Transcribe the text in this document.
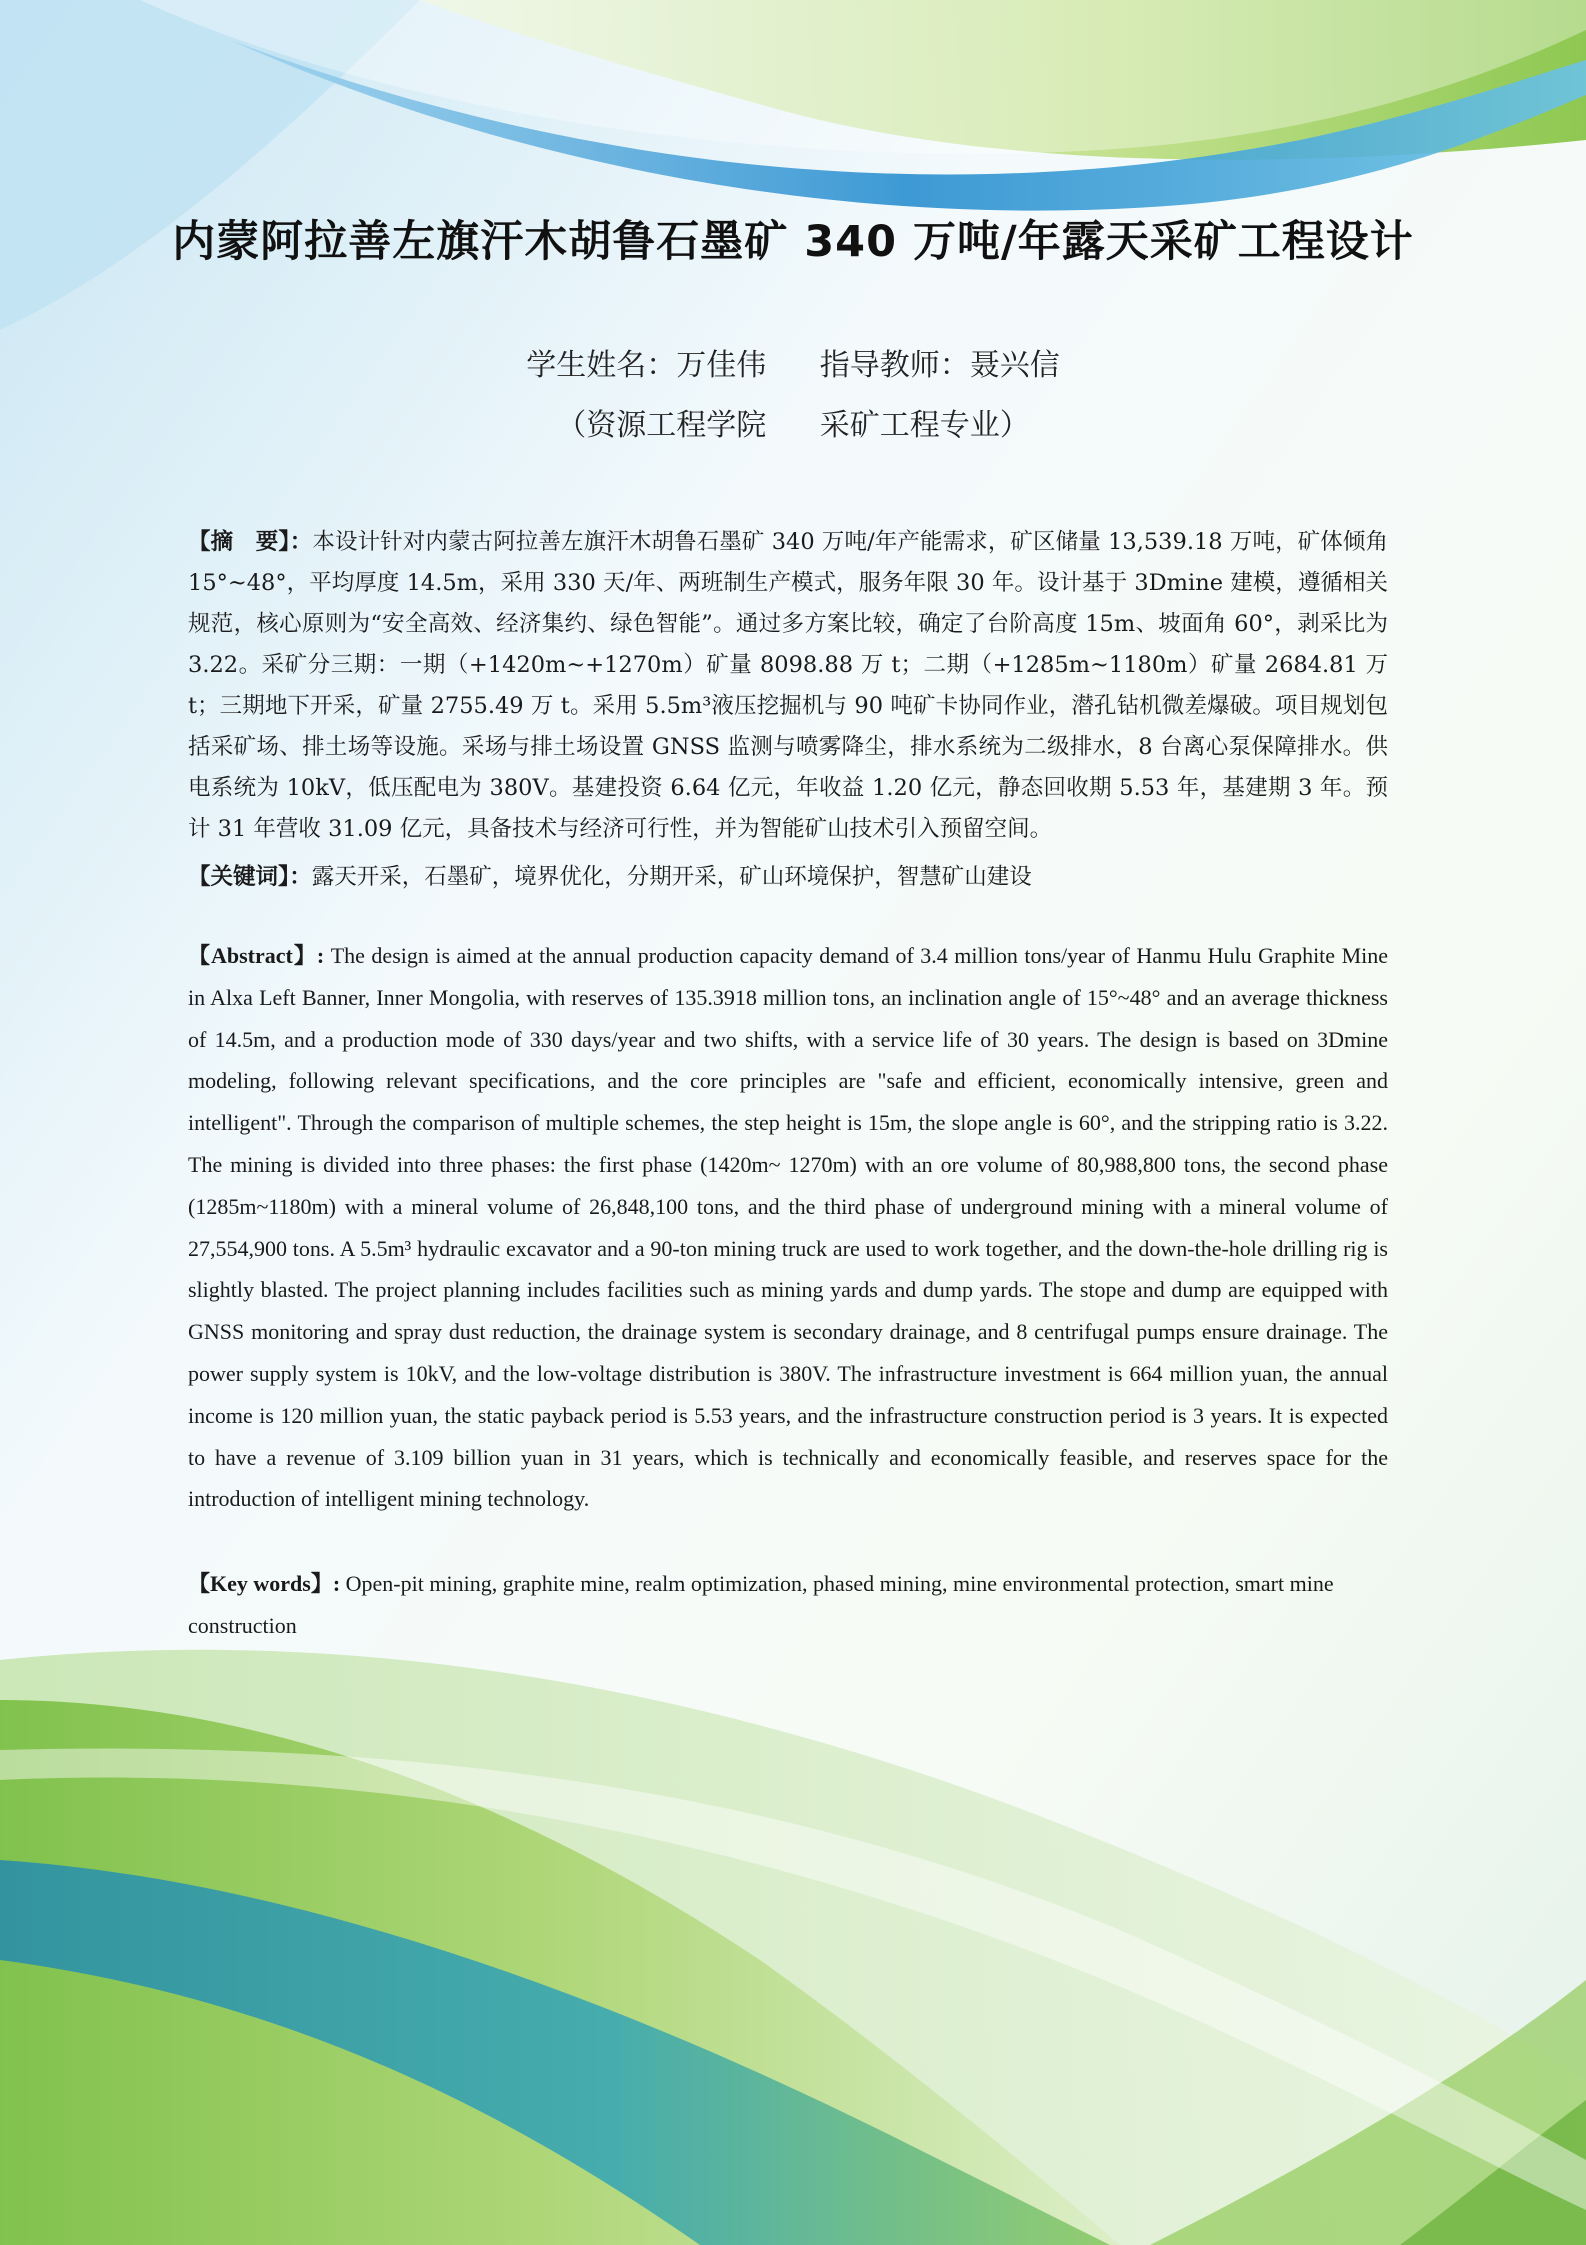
内蒙阿拉善左旗汗木胡鲁石墨矿 340 万吨/年露天采矿工程设计
学生姓名：万佳伟 指导教师：聂兴信
（资源工程学院 采矿工程专业）

【摘　要】：本设计针对内蒙古阿拉善左旗汗木胡鲁石墨矿 340 万吨/年产能需求，矿区储量 13,539.18 万吨，矿体倾角 15°~48°，平均厚度 14.5m，采用 330 天/年、两班制生产模式，服务年限 30 年。设计基于 3Dmine 建模，遵循相关规范，核心原则为“安全高效、经济集约、绿色智能”。通过多方案比较，确定了台阶高度 15m、坡面角 60°，剥采比为 3.22。采矿分三期：一期（+1420m~+1270m）矿量 8098.88 万 t；二期（+1285m~1180m）矿量 2684.81 万 t；三期地下开采，矿量 2755.49 万 t。采用 5.5m³液压挖掘机与 90 吨矿卡协同作业，潜孔钻机微差爆破。项目规划包括采矿场、排土场等设施。采场与排土场设置 GNSS 监测与喷雾降尘，排水系统为二级排水，8 台离心泵保障排水。供电系统为 10kV，低压配电为 380V。基建投资 6.64 亿元，年收益 1.20 亿元，静态回收期 5.53 年，基建期 3 年。预计 31 年营收 31.09 亿元，具备技术与经济可行性，并为智能矿山技术引入预留空间。

【关键词】：露天开采，石墨矿，境界优化，分期开采，矿山环境保护，智慧矿山建设

【Abstract】: The design is aimed at the annual production capacity demand of 3.4 million tons/year of Hanmu Hulu Graphite Mine in Alxa Left Banner, Inner Mongolia, with reserves of 135.3918 million tons, an inclination angle of 15°~48° and an average thickness of 14.5m, and a production mode of 330 days/year and two shifts, with a service life of 30 years. The design is based on 3Dmine modeling, following relevant specifications, and the core principles are "safe and efficient, economically intensive, green and intelligent". Through the comparison of multiple schemes, the step height is 15m, the slope angle is 60°, and the stripping ratio is 3.22. The mining is divided into three phases: the first phase (1420m~ 1270m) with an ore volume of 80,988,800 tons, the second phase (1285m~1180m) with a mineral volume of 26,848,100 tons, and the third phase of underground mining with a mineral volume of 27,554,900 tons. A 5.5m³ hydraulic excavator and a 90-ton mining truck are used to work together, and the down-the-hole drilling rig is slightly blasted. The project planning includes facilities such as mining yards and dump yards. The stope and dump are equipped with GNSS monitoring and spray dust reduction, the drainage system is secondary drainage, and 8 centrifugal pumps ensure drainage. The power supply system is 10kV, and the low-voltage distribution is 380V. The infrastructure investment is 664 million yuan, the annual income is 120 million yuan, the static payback period is 5.53 years, and the infrastructure construction period is 3 years. It is expected to have a revenue of 3.109 billion yuan in 31 years, which is technically and economically feasible, and reserves space for the introduction of intelligent mining technology.

【Key words】: Open-pit mining, graphite mine, realm optimization, phased mining, mine environmental protection, smart mine construction
